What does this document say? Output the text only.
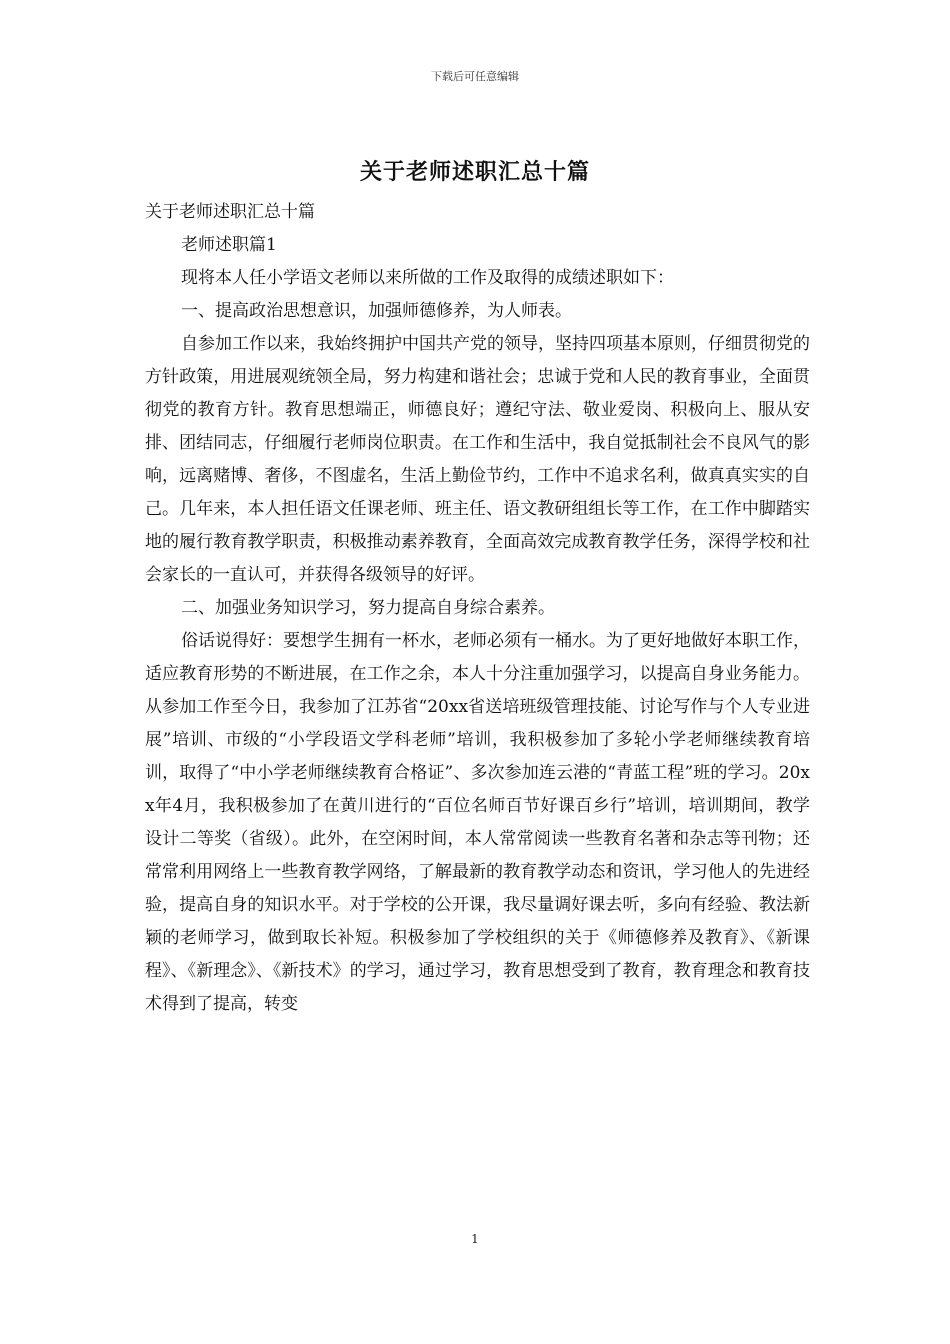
下载后可任意编辑
关于老师述职汇总十篇

关于老师述职汇总十篇

老师述职篇1

现将本人任小学语文老师以来所做的工作及取得的成绩述职如下：

一、提高政治思想意识，加强师德修养，为人师表。

自参加工作以来，我始终拥护中国共产党的领导，坚持四项基本原则，仔细贯彻党的方针政策，用进展观统领全局，努力构建和谐社会；忠诚于党和人民的教育事业，全面贯彻党的教育方针。教育思想端正，师德良好；遵纪守法、敬业爱岗、积极向上、服从安排、团结同志，仔细履行老师岗位职责。在工作和生活中，我自觉抵制社会不良风气的影响，远离赌博、奢侈，不图虚名，生活上勤俭节约，工作中不追求名利，做真真实实的自己。几年来，本人担任语文任课老师、班主任、语文教研组组长等工作，在工作中脚踏实地的履行教育教学职责，积极推动素养教育，全面高效完成教育教学任务，深得学校和社会家长的一直认可，并获得各级领导的好评。

二、加强业务知识学习，努力提高自身综合素养。

俗话说得好：要想学生拥有一杯水，老师必须有一桶水。为了更好地做好本职工作，适应教育形势的不断进展，在工作之余，本人十分注重加强学习，以提高自身业务能力。从参加工作至今日，我参加了江苏省“20xx省送培班级管理技能、讨论写作与个人专业进展”培训、市级的“小学段语文学科老师”培训，我积极参加了多轮小学老师继续教育培训，取得了“中小学老师继续教育合格证”、多次参加连云港的“青蓝工程”班的学习。20xx年4月，我积极参加了在黄川进行的“百位名师百节好课百乡行”培训，培训期间，教学设计二等奖（省级）。此外，在空闲时间，本人常常阅读一些教育名著和杂志等刊物；还常常利用网络上一些教育教学网络，了解最新的教育教学动态和资讯，学习他人的先进经验，提高自身的知识水平。对于学校的公开课，我尽量调好课去听，多向有经验、教法新颖的老师学习，做到取长补短。积极参加了学校组织的关于《师德修养及教育》、《新课程》、《新理念》、《新技术》的学习，通过学习，教育思想受到了教育，教育理念和教育技术得到了提高，转变

1
